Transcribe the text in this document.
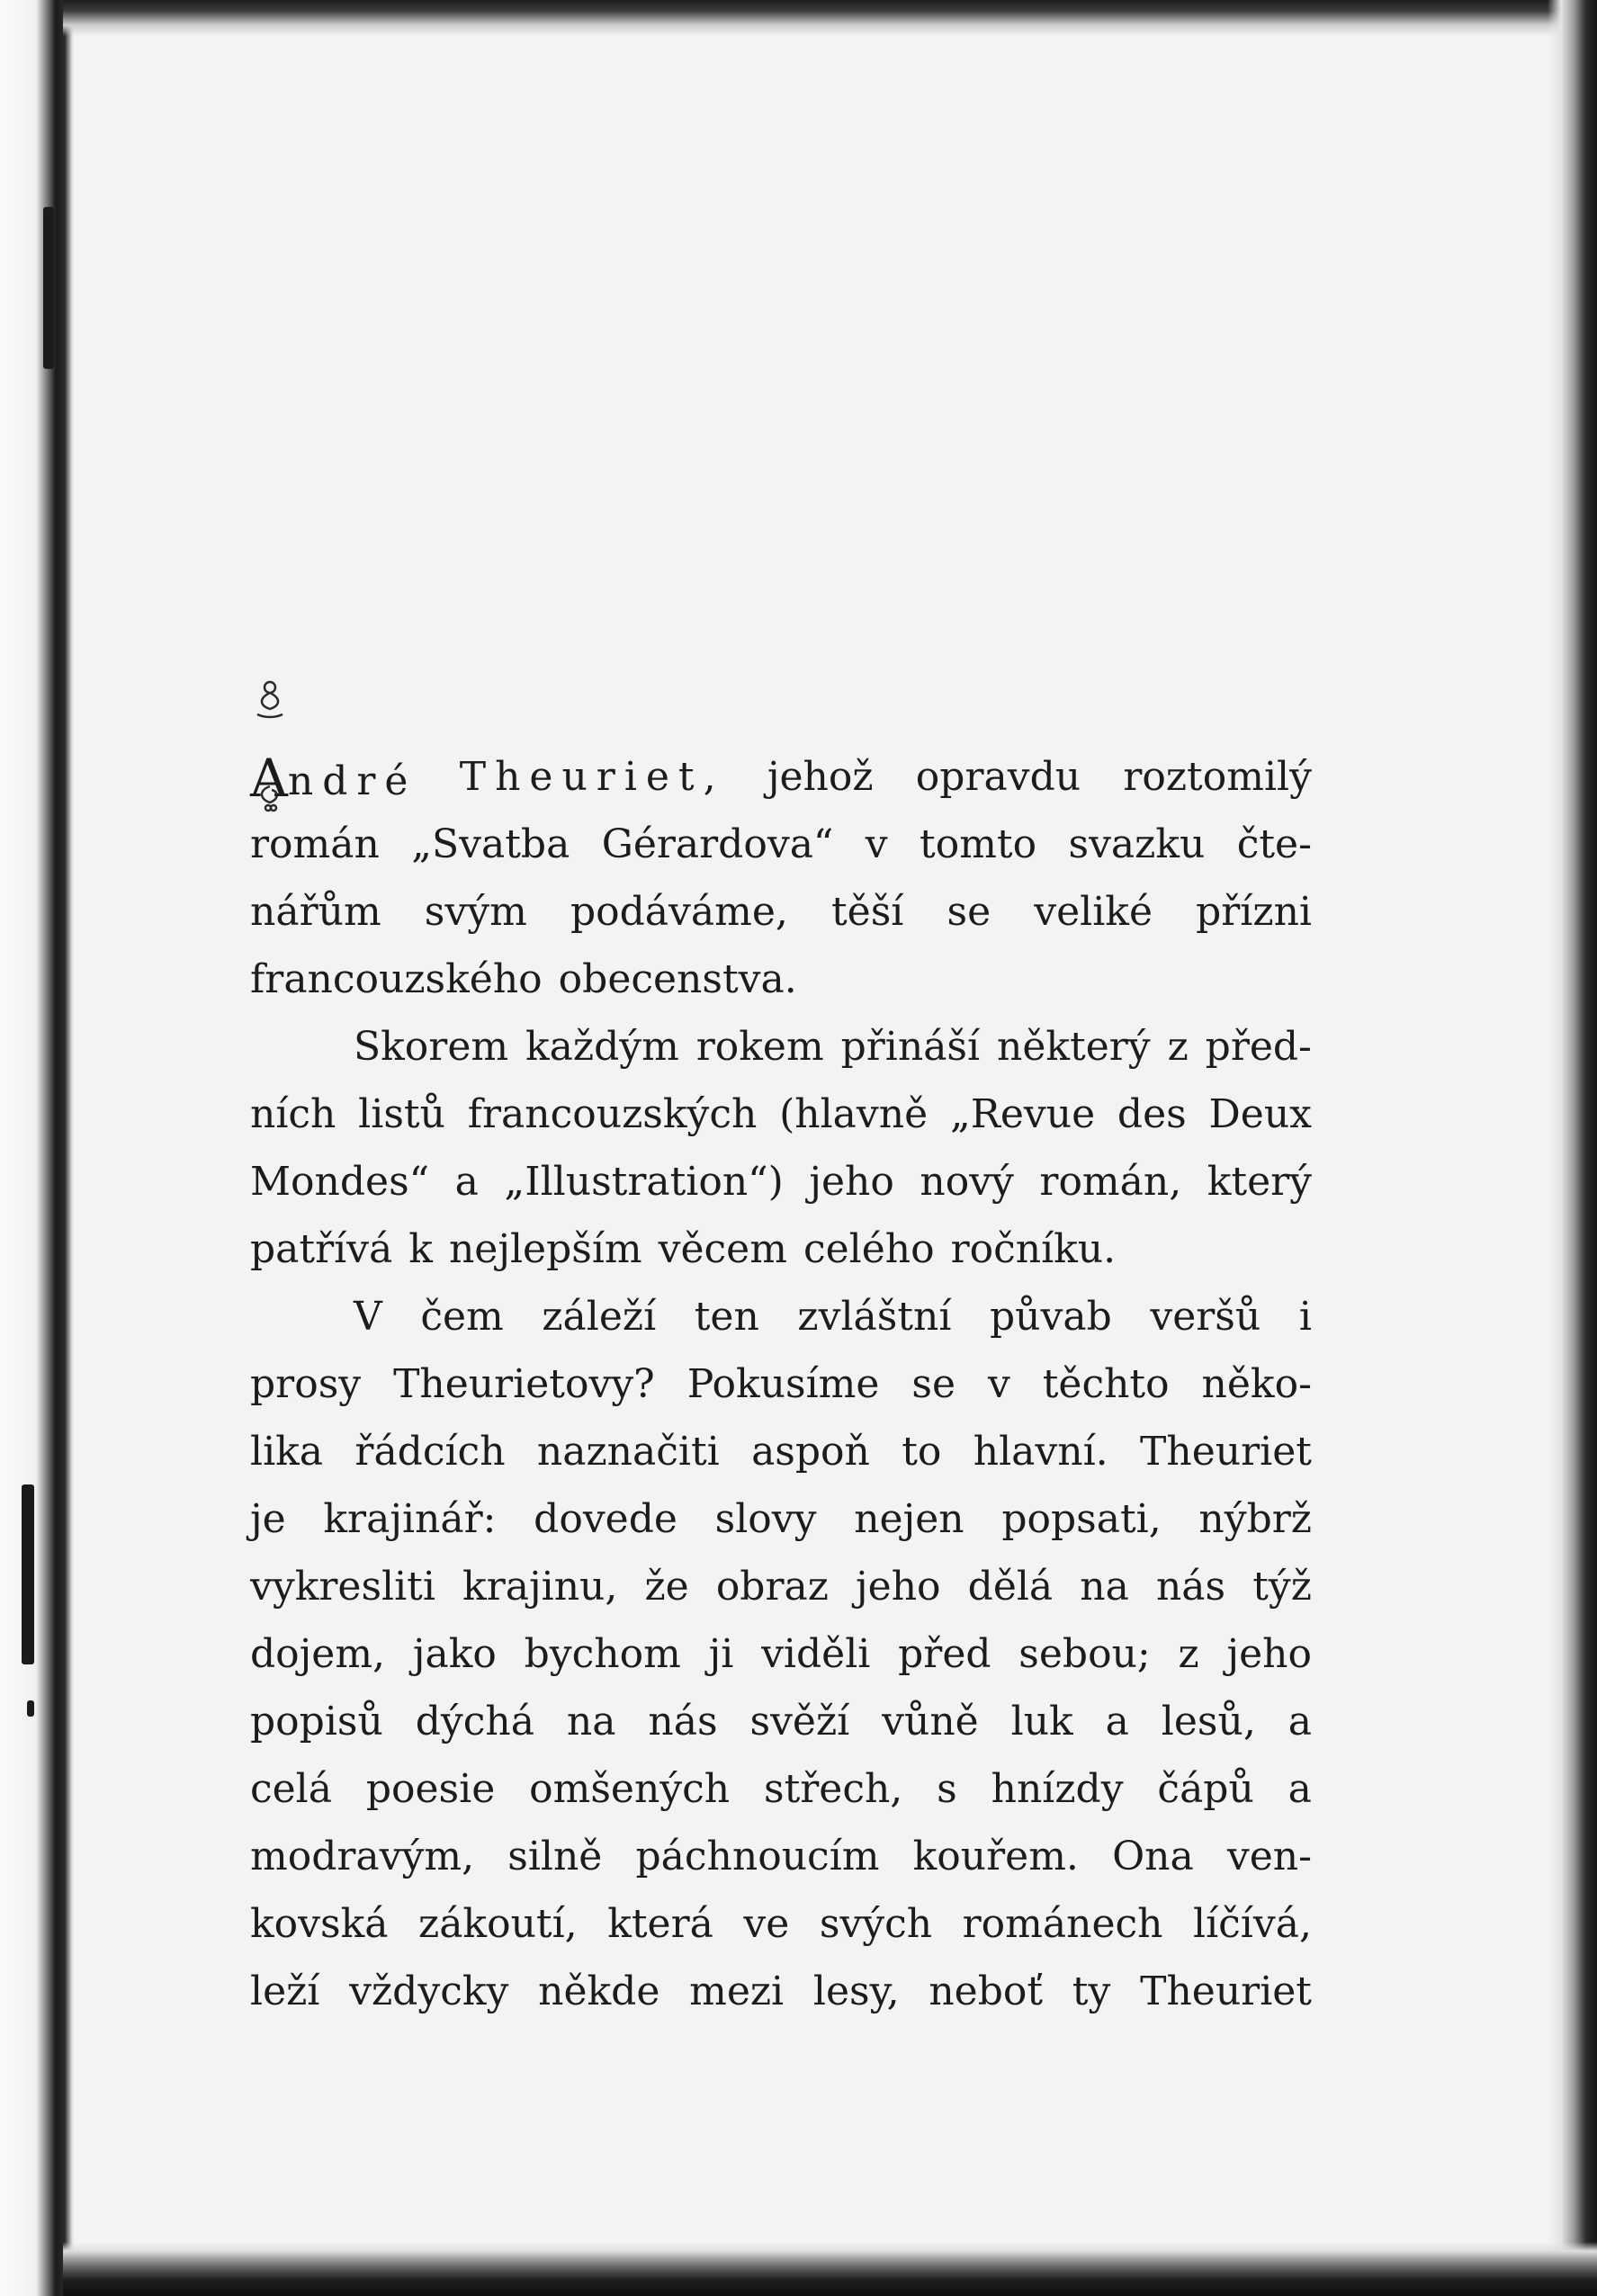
André Theuriet, jehož opravdu roztomilý
román „Svatba Gérardova“ v tomto svazku čte-
nářům svým podáváme, těší se veliké přízni
francouzského obecenstva.
Skorem každým rokem přináší některý z před-
ních listů francouzských (hlavně „Revue des Deux
Mondes“ a „Illustration“) jeho nový román, který
patřívá k nejlepším věcem celého ročníku.
V čem záleží ten zvláštní půvab veršů i
prosy Theurietovy? Pokusíme se v těchto něko-
lika řádcích naznačiti aspoň to hlavní. Theuriet
je krajinář: dovede slovy nejen popsati, nýbrž
vykresliti krajinu, že obraz jeho dělá na nás týž
dojem, jako bychom ji viděli před sebou; z jeho
popisů dýchá na nás svěží vůně luk a lesů, a
celá poesie omšených střech, s hnízdy čápů a
modravým, silně páchnoucím kouřem. Ona ven-
kovská zákoutí, která ve svých románech líčívá,
leží vždycky někde mezi lesy, neboť ty Theuriet
